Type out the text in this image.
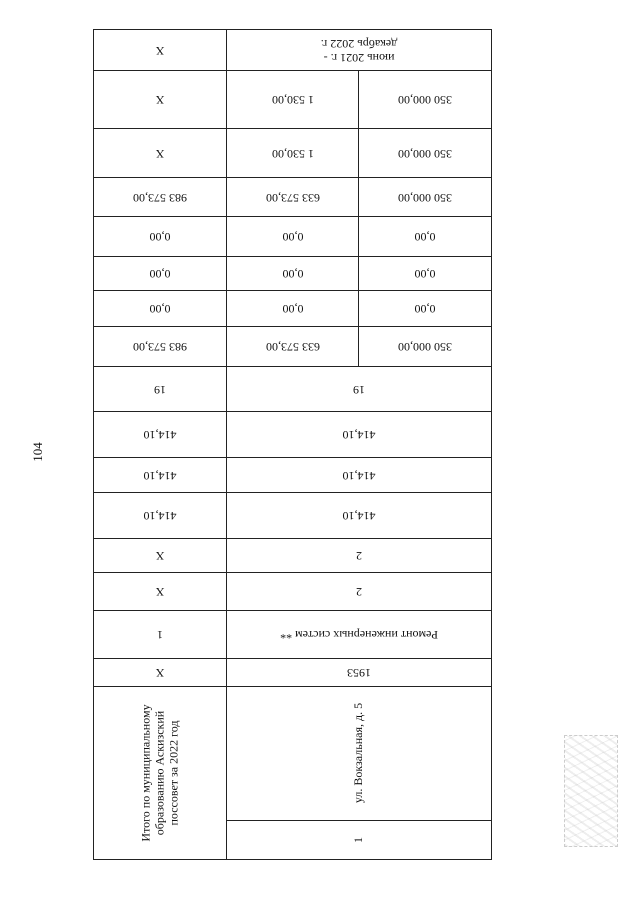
104
X	июнь 2021 г. -
декабрь 2022 г.
X	1 530,00	350 000,00
X	1 530,00	350 000,00
983 573,00	633 573,00	350 000,00
0,00	0,00	0,00
0,00	0,00	0,00
0,00	0,00	0,00
983 573,00	633 573,00	350 000,00
19	19
414,10	414,10
414,10	414,10
414,10	414,10
X	2
X	2
1	Ремонт инженерных систем **
X	1953
Итого по муниципальному образованию Аскизский поссовет за 2022 год	ул. Вокзальная, д. 5
1
